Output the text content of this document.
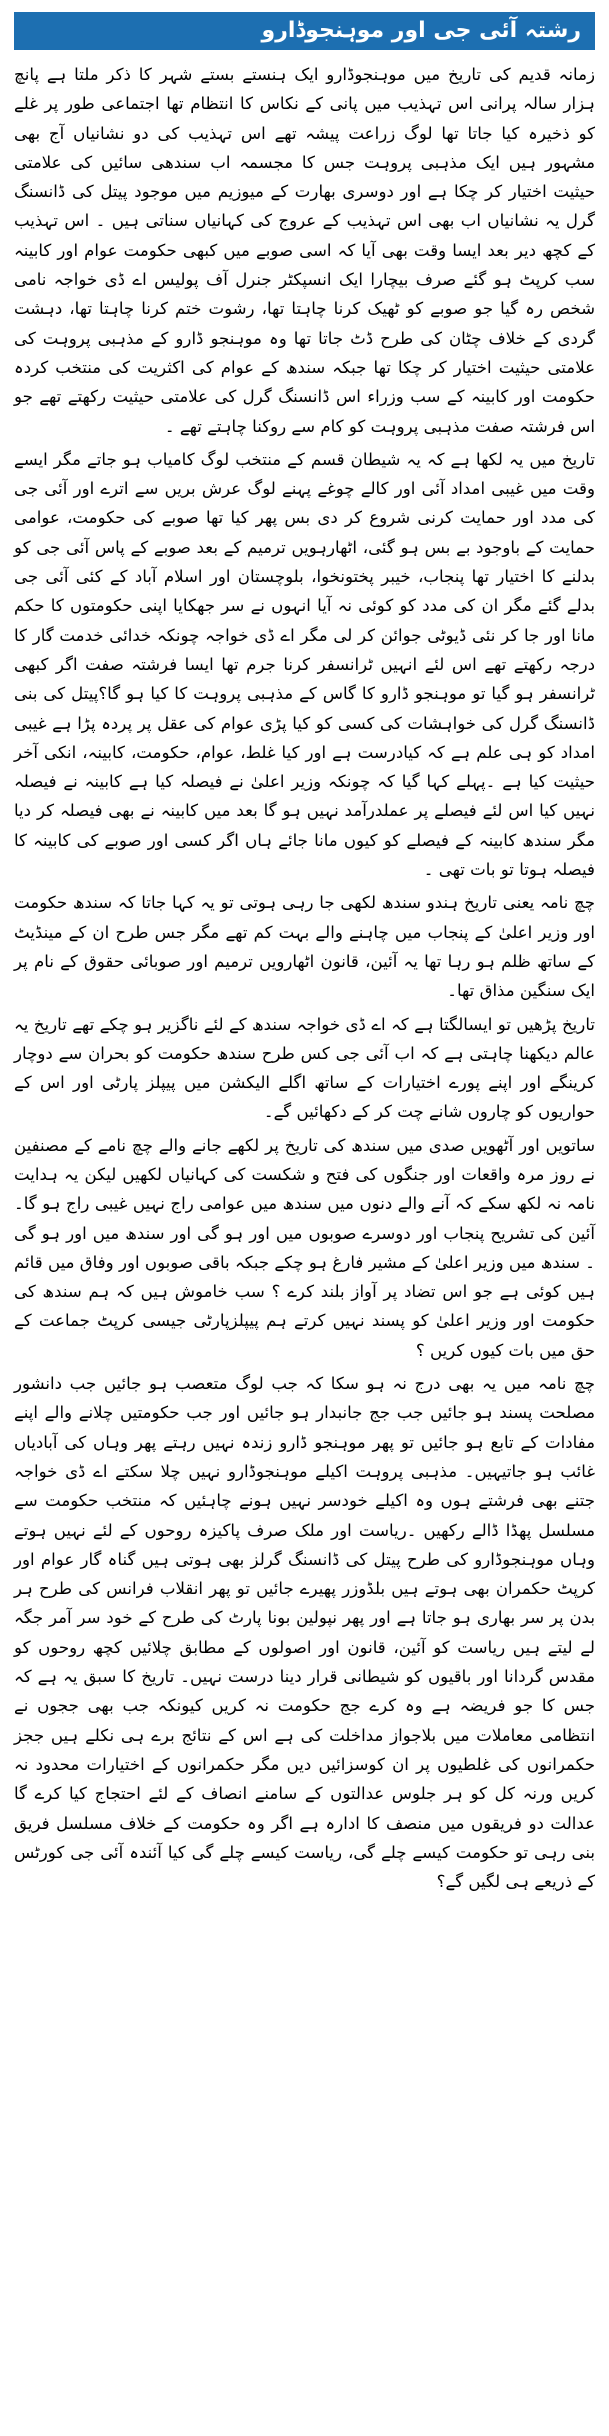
رشتہ آئی جی اور موہنجوڈارو

زمانہ قدیم کی تاریخ میں موہنجوڈارو ایک ہنستے بستے شہر کا ذکر ملتا ہے پانچ ہزار سالہ پرانی اس تہذیب میں پانی کے نکاس کا انتظام تھا اجتماعی طور پر غلے کو ذخیرہ کیا جاتا تھا لوگ زراعت پیشہ تھے اس تہذیب کی دو نشانیاں آج بھی مشہور ہیں ایک مذہبی پروہت جس کا مجسمہ اب سندھی سائیں کی علامتی حیثیت اختیار کر چکا ہے اور دوسری بھارت کے میوزیم میں موجود پیتل کی ڈانسنگ گرل یہ نشانیاں اب بھی اس تہذیب کے عروج کی کہانیاں سناتی ہیں ۔ اس تہذیب کے کچھ دیر بعد ایسا وقت بھی آیا کہ اسی صوبے میں کبھی حکومت عوام اور کابینہ سب کرپٹ ہو گئے صرف بیچارا ایک انسپکٹر جنرل آف پولیس اے ڈی خواجہ نامی شخص رہ گیا جو صوبے کو ٹھیک کرنا چاہتا تھا، رشوت ختم کرنا چاہتا تھا، دہشت گردی کے خلاف چٹان کی طرح ڈٹ جاتا تھا وہ موہنجو ڈارو کے مذہبی پروہت کی علامتی حیثیت اختیار کر چکا تھا جبکہ سندھ کے عوام کی اکثریت کی منتخب کردہ حکومت اور کابینہ کے سب وزراء اس ڈانسنگ گرل کی علامتی حیثیت رکھتے تھے جو اس فرشتہ صفت مذہبی پروہت کو کام سے روکنا چاہتے تھے ۔

تاریخ میں یہ لکھا ہے کہ یہ شیطان قسم کے منتخب لوگ کامیاب ہو جاتے مگر ایسے وقت میں غیبی امداد آئی اور کالے چوغے پہنے لوگ عرش بریں سے اترے اور آئی جی کی مدد اور حمایت کرنی شروع کر دی بس پھر کیا تھا صوبے کی حکومت، عوامی حمایت کے باوجود بے بس ہو گئی، اٹھارہویں ترمیم کے بعد صوبے کے پاس آئی جی کو بدلنے کا اختیار تھا پنجاب، خیبر پختونخوا، بلوچستان اور اسلام آباد کے کئی آئی جی بدلے گئے مگر ان کی مدد کو کوئی نہ آیا انہوں نے سر جھکایا اپنی حکومتوں کا حکم مانا اور جا کر نئی ڈیوٹی جوائن کر لی مگر اے ڈی خواجہ چونکہ خدائی خدمت گار کا درجہ رکھتے تھے اس لئے انہیں ٹرانسفر کرنا جرم تھا ایسا فرشتہ صفت اگر کبھی ٹرانسفر ہو گیا تو موہنجو ڈارو کا گاس کے مذہبی پروہت کا کیا ہو گا؟پیتل کی بنی ڈانسنگ گرل کی خواہشات کی کسی کو کیا پڑی عوام کی عقل پر پردہ پڑا ہے غیبی امداد کو ہی علم ہے کہ کیادرست ہے اور کیا غلط، عوام، حکومت، کابینہ، انکی آخر حیثیت کیا ہے ۔پہلے کہا گیا کہ چونکہ وزیر اعلیٰ نے فیصلہ کیا ہے کابینہ نے فیصلہ نہیں کیا اس لئے فیصلے پر عملدرآمد نہیں ہو گا بعد میں کابینہ نے بھی فیصلہ کر دیا مگر سندھ کابینہ کے فیصلے کو کیوں مانا جائے ہاں اگر کسی اور صوبے کی کابینہ کا فیصلہ ہوتا تو بات تھی ۔

چچ نامہ یعنی تاریخ ہندو سندھ لکھی جا رہی ہوتی تو یہ کہا جاتا کہ سندھ حکومت اور وزیر اعلیٰ کے پنجاب میں چاہنے والے بہت کم تھے مگر جس طرح ان کے مینڈیٹ کے ساتھ ظلم ہو رہا تھا یہ آئین، قانون اٹھارویں ترمیم اور صوبائی حقوق کے نام پر ایک سنگین مذاق تھا۔

تاریخ پڑھیں تو ایسالگتا ہے کہ اے ڈی خواجہ سندھ کے لئے ناگزیر ہو چکے تھے تاریخ یہ عالم دیکھنا چاہتی ہے کہ اب آئی جی کس طرح سندھ حکومت کو بحران سے دوچار کرینگے اور اپنے پورے اختیارات کے ساتھ اگلے الیکشن میں پیپلز پارٹی اور اس کے حواریوں کو چاروں شانے چت کر کے دکھائیں گے۔

ساتویں اور آٹھویں صدی میں سندھ کی تاریخ پر لکھے جانے والے چچ نامے کے مصنفین نے روز مرہ واقعات اور جنگوں کی فتح و شکست کی کہانیاں لکھیں لیکن یہ ہدایت نامہ نہ لکھ سکے کہ آنے والے دنوں میں سندھ میں عوامی راج نہیں غیبی راج ہو گا۔ آئین کی تشریح پنجاب اور دوسرے صوبوں میں اور ہو گی اور سندھ میں اور ہو گی ۔ سندھ میں وزیر اعلیٰ کے مشیر فارغ ہو چکے جبکہ باقی صوبوں اور وفاق میں قائم ہیں کوئی ہے جو اس تضاد پر آواز بلند کرے ؟ سب خاموش ہیں کہ ہم سندھ کی حکومت اور وزیر اعلیٰ کو پسند نہیں کرتے ہم پیپلزپارٹی جیسی کرپٹ جماعت کے حق میں بات کیوں کریں ؟

چچ نامہ میں یہ بھی درج نہ ہو سکا کہ جب لوگ متعصب ہو جائیں جب دانشور مصلحت پسند ہو جائیں جب جج جانبدار ہو جائیں اور جب حکومتیں چلانے والے اپنے مفادات کے تابع ہو جائیں تو پھر موہنجو ڈارو زندہ نہیں رہتے پھر وہاں کی آبادیاں غائب ہو جاتیہیں۔ مذہبی پروہت اکیلے موہنجوڈارو نہیں چلا سکتے اے ڈی خواجہ جتنے بھی فرشتے ہوں وہ اکیلے خودسر نہیں ہونے چاہئیں کہ منتخب حکومت سے مسلسل پھڈا ڈالے رکھیں ۔ریاست اور ملک صرف پاکیزہ روحوں کے لئے نہیں ہوتے وہاں موہنجوڈارو کی طرح پیتل کی ڈانسنگ گرلز بھی ہوتی ہیں گناہ گار عوام اور کرپٹ حکمران بھی ہوتے ہیں بلڈوزر پھیرے جائیں تو پھر انقلاب فرانس کی طرح ہر بدن پر سر بھاری ہو جاتا ہے اور پھر نپولین بونا پارٹ کی طرح کے خود سر آمر جگہ لے لیتے ہیں ریاست کو آئین، قانون اور اصولوں کے مطابق چلائیں کچھ روحوں کو مقدس گردانا اور باقیوں کو شیطانی قرار دینا درست نہیں۔ تاریخ کا سبق یہ ہے کہ جس کا جو فریضہ ہے وہ کرے جج حکومت نہ کریں کیونکہ جب بھی ججوں نے انتظامی معاملات میں بلاجواز مداخلت کی ہے اس کے نتائج برے ہی نکلے ہیں ججز حکمرانوں کی غلطیوں پر ان کوسزائیں دیں مگر حکمرانوں کے اختیارات محدود نہ کریں ورنہ کل کو ہر جلوس عدالتوں کے سامنے انصاف کے لئے احتجاج کیا کرے گا عدالت دو فریقوں میں منصف کا ادارہ ہے اگر وہ حکومت کے خلاف مسلسل فریق بنی رہی تو حکومت کیسے چلے گی، ریاست کیسے چلے گی کیا آئندہ آئی جی کورٹس کے ذریعے ہی لگیں گے؟
